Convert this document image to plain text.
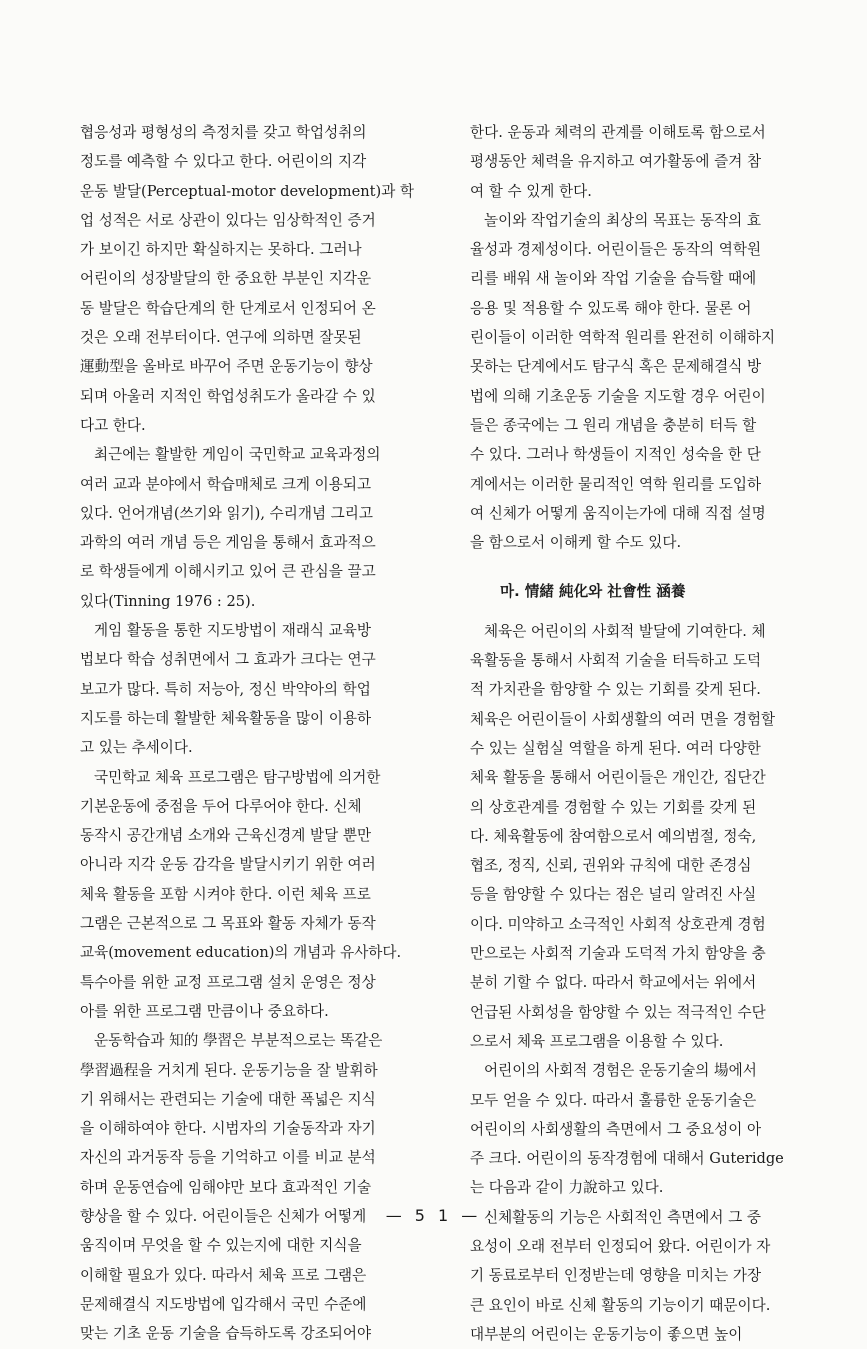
협응성과 평형성의 측정치를 갖고 학업성취의
정도를 예측할 수 있다고 한다. 어린이의 지각
운동 발달(Perceptual-motor development)과 학
업 성적은 서로 상관이 있다는 임상학적인 증거
가 보이긴 하지만 확실하지는 못하다. 그러나
어린이의 성장발달의 한 중요한 부분인 지각운
동 발달은 학습단계의 한 단계로서 인정되어 온
것은 오래 전부터이다. 연구에 의하면 잘못된
運動型을 올바로 바꾸어 주면 운동기능이 향상
되며 아울러 지적인 학업성취도가 올라갈 수 있
다고 한다.

최근에는 활발한 게임이 국민학교 교육과정의
여러 교과 분야에서 학습매체로 크게 이용되고
있다. 언어개념(쓰기와 읽기), 수리개념 그리고
과학의 여러 개념 등은 게임을 통해서 효과적으
로 학생들에게 이해시키고 있어 큰 관심을 끌고
있다(Tinning 1976 : 25).

게임 활동을 통한 지도방법이 재래식 교육방
법보다 학습 성취면에서 그 효과가 크다는 연구
보고가 많다. 특히 저능아, 정신 박약아의 학업
지도를 하는데 활발한 체육활동을 많이 이용하
고 있는 추세이다.

국민학교 체육 프로그램은 탐구방법에 의거한
기본운동에 중점을 두어 다루어야 한다. 신체
동작시 공간개념 소개와 근육신경계 발달 뿐만
아니라 지각 운동 감각을 발달시키기 위한 여러
체육 활동을 포함 시켜야 한다. 이런 체육 프로
그램은 근본적으로 그 목표와 활동 자체가 동작
교육(movement education)의 개념과 유사하다.
특수아를 위한 교정 프로그램 설치 운영은 정상
아를 위한 프로그램 만큼이나 중요하다.

운동학습과 知的 學習은 부분적으로는 똑같은
學習過程을 거치게 된다. 운동기능을 잘 발휘하
기 위해서는 관련되는 기술에 대한 폭넓은 지식
을 이해하여야 한다. 시범자의 기술동작과 자기
자신의 과거동작 등을 기억하고 이를 비교 분석
하며 운동연습에 임해야만 보다 효과적인 기술
향상을 할 수 있다. 어린이들은 신체가 어떻게
움직이며 무엇을 할 수 있는지에 대한 지식을
이해할 필요가 있다. 따라서 체육 프로 그램은
문제해결식 지도방법에 입각해서 국민 수준에
맞는 기초 운동 기술을 습득하도록 강조되어야

한다. 운동과 체력의 관계를 이해토록 함으로서
평생동안 체력을 유지하고 여가활동에 즐겨 참
여 할 수 있게 한다.

놀이와 작업기술의 최상의 목표는 동작의 효
율성과 경제성이다. 어린이들은 동작의 역학원
리를 배워 새 놀이와 작업 기술을 습득할 때에
응용 및 적용할 수 있도록 해야 한다. 물론 어
린이들이 이러한 역학적 원리를 완전히 이해하지
못하는 단계에서도 탐구식 혹은 문제해결식 방
법에 의해 기초운동 기술을 지도할 경우 어린이
들은 종국에는 그 원리 개념을 충분히 터득 할
수 있다. 그러나 학생들이 지적인 성숙을 한 단
계에서는 이러한 물리적인 역학 원리를 도입하
여 신체가 어떻게 움직이는가에 대해 직접 설명
을 함으로서 이해케 할 수도 있다.

마. 情緒 純化와 社會性 涵養

체육은 어린이의 사회적 발달에 기여한다. 체
육활동을 통해서 사회적 기술을 터득하고 도덕
적 가치관을 함양할 수 있는 기회를 갖게 된다.
체육은 어린이들이 사회생활의 여러 면을 경험할
수 있는 실험실 역할을 하게 된다. 여러 다양한
체육 활동을 통해서 어린이들은 개인간, 집단간
의 상호관계를 경험할 수 있는 기회를 갖게 된
다. 체육활동에 참여함으로서 예의범절, 정숙,
협조, 정직, 신뢰, 권위와 규칙에 대한 존경심
등을 함양할 수 있다는 점은 널리 알려진 사실
이다. 미약하고 소극적인 사회적 상호관계 경험
만으로는 사회적 기술과 도덕적 가치 함양을 충
분히 기할 수 없다. 따라서 학교에서는 위에서
언급된 사회성을 함양할 수 있는 적극적인 수단
으로서 체육 프로그램을 이용할 수 있다.

어린이의 사회적 경험은 운동기술의 場에서
모두 얻을 수 있다. 따라서 훌륭한 운동기술은
어린이의 사회생활의 측면에서 그 중요성이 아
주 크다. 어린이의 동작경험에 대해서 Guteridge
는 다음과 같이 力說하고 있다.

신체활동의 기능은 사회적인 측면에서 그 중
요성이 오래 전부터 인정되어 왔다. 어린이가 자
기 동료로부터 인정받는데 영향을 미치는 가장
큰 요인이 바로 신체 활동의 기능이기 때문이다.
대부분의 어린이는 운동기능이 좋으면 높이

— 5 1 —
